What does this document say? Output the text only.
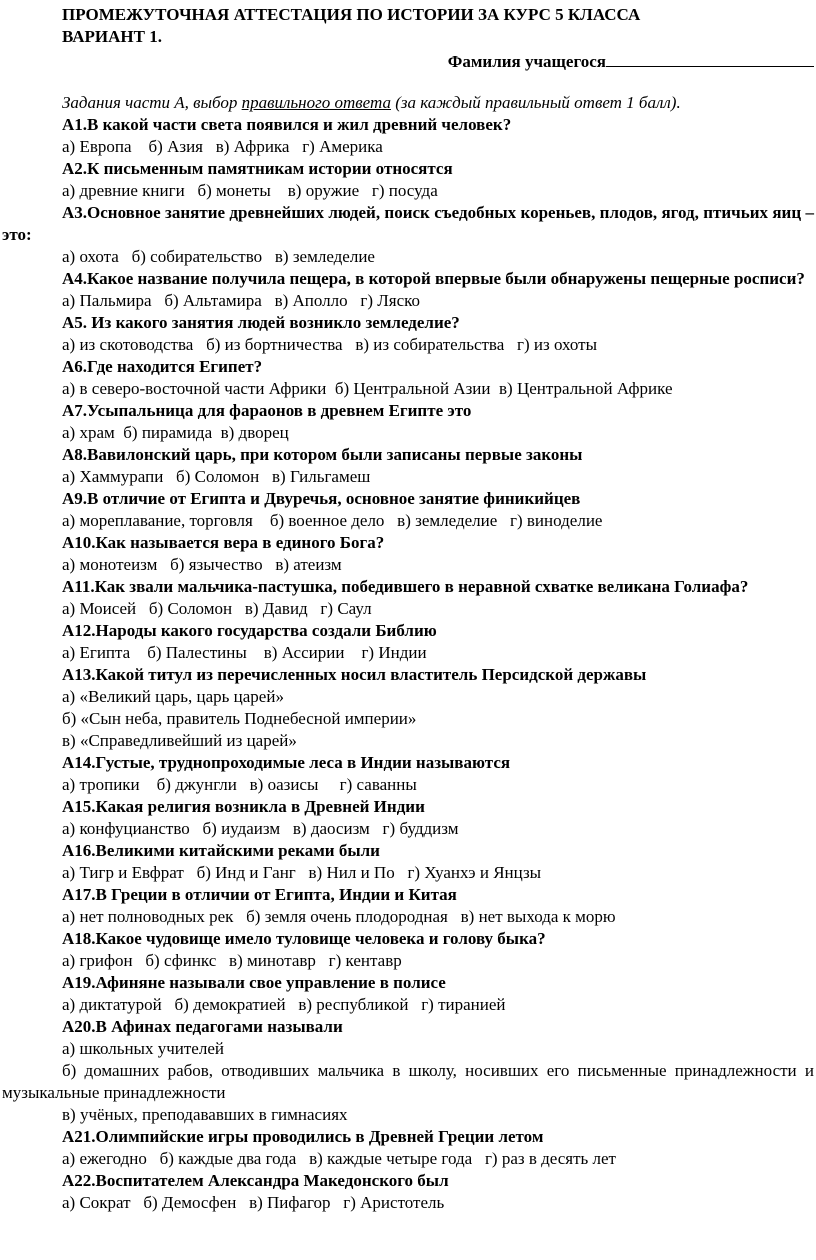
ПРОМЕЖУТОЧНАЯ АТТЕСТАЦИЯ ПО ИСТОРИИ ЗА КУРС 5 КЛАССА
ВАРИАНТ 1.
Фамилия учащегося
Задания части А, выбор правильного ответа (за каждый правильный ответ 1 балл).
А1.В какой части света появился и жил древний человек?
а) Европа    б) Азия   в) Африка   г) Америка
А2.К письменным памятникам истории относятся
а) древние книги   б) монеты    в) оружие   г) посуда
А3.Основное занятие древнейших людей, поиск съедобных кореньев, плодов, ягод, птичьих яиц – это:
а) охота   б) собирательство   в) земледелие
А4.Какое название получила пещера, в которой впервые были обнаружены пещерные росписи?
а) Пальмира   б) Альтамира   в) Аполло   г) Ляско
А5. Из какого занятия людей возникло земледелие?
а) из скотоводства   б) из бортничества   в) из собирательства   г) из охоты
А6.Где находится Египет?
а) в северо-восточной части Африки  б) Центральной Азии  в) Центральной Африке
А7.Усыпальница для фараонов в древнем Египте это
а) храм  б) пирамида  в) дворец
А8.Вавилонский царь, при котором были записаны первые законы
а) Хаммурапи   б) Соломон   в) Гильгамеш
А9.В отличие от Египта и Двуречья, основное занятие финикийцев
а) мореплавание, торговля    б) военное дело   в) земледелие   г) виноделие
А10.Как называется вера в единого Бога?
а) монотеизм   б) язычество   в) атеизм
А11.Как звали мальчика-пастушка, победившего в неравной схватке великана Голиафа?
а) Моисей   б) Соломон   в) Давид   г) Саул
А12.Народы какого государства создали Библию
а) Египта    б) Палестины    в) Ассирии    г) Индии
А13.Какой титул из перечисленных носил властитель Персидской державы
а) «Великий царь, царь царей»
б) «Сын неба, правитель Поднебесной империи»
в) «Справедливейший из царей»
А14.Густые, труднопроходимые леса в Индии называются
а) тропики    б) джунгли   в) оазисы     г) саванны
А15.Какая религия возникла в Древней Индии
а) конфуцианство   б) иудаизм   в) даосизм   г) буддизм
А16.Великими китайскими реками были
а) Тигр и Евфрат   б) Инд и Ганг   в) Нил и По   г) Хуанхэ и Янцзы
А17.В Греции в отличии от Египта, Индии и Китая
а) нет полноводных рек   б) земля очень плодородная   в) нет выхода к морю
А18.Какое чудовище имело туловище человека и голову быка?
а) грифон   б) сфинкс   в) минотавр   г) кентавр
А19.Афиняне называли свое управление в полисе
а) диктатурой   б) демократией   в) республикой   г) тиранией
А20.В Афинах педагогами называли
а) школьных учителей
б) домашних рабов, отводивших мальчика в школу, носивших его письменные принадлежности и музыкальные принадлежности
в) учёных, преподававших в гимнасиях
А21.Олимпийские игры проводились в Древней Греции летом
а) ежегодно   б) каждые два года   в) каждые четыре года   г) раз в десять лет
А22.Воспитателем Александра Македонского был
а) Сократ   б) Демосфен   в) Пифагор   г) Аристотель
